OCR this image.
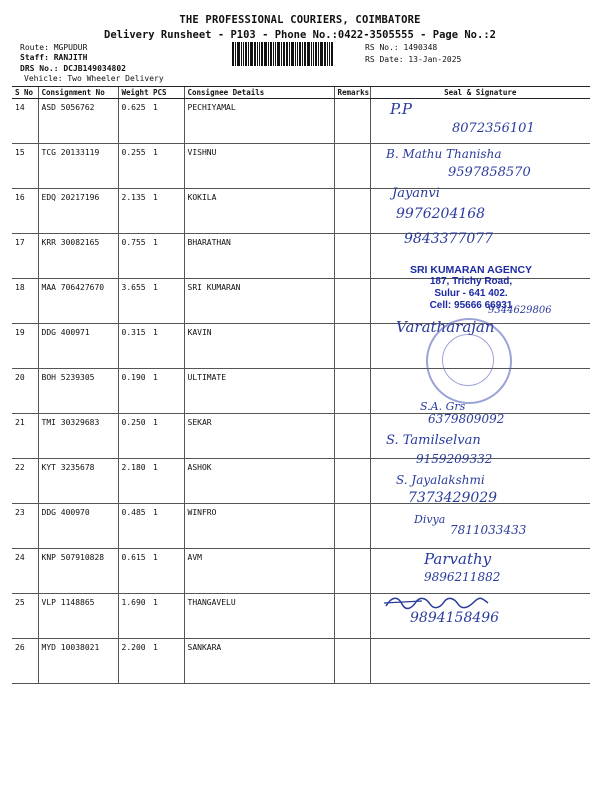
THE PROFESSIONAL COURIERS, COIMBATORE
Delivery Runsheet - P103 - Phone No.:0422-3505555 - Page No.:2
Route: MGPUDUR
Staff: RANJITH
DRS No.: DCJB149034802
Vehicle: Two Wheeler Delivery
RS No.: 1490348
RS Date: 13-Jan-2025
S No	Consignment No	Weight	PCS	Consignee Details	Remarks	Seal & Signature
14	ASD 5056762	0.625	1	PECHIYAMAL		
15	TCG 20133119	0.255	1	VISHNU		
16	EDQ 20217196	2.135	1	KOKILA		
17	KRR 30082165	0.755	1	BHARATHAN		
18	MAA 706427670	3.655	1	SRI KUMARAN		
19	DDG 400971	0.315	1	KAVIN		
20	BOH 5239305	0.190	1	ULTIMATE		
21	TMI 30329683	0.250	1	SEKAR		
22	KYT 3235678	2.180	1	ASHOK		
23	DDG 400970	0.485	1	WINFRO		
24	KNP 507910828	0.615	1	AVM		
25	VLP 1148865	1.690	1	THANGAVELU		
26	MYD 10038021	2.200	1	SANKARA		
P.P
8072356101
B. Mathu Thanisha
9597858570
Jayanvi
9976204168
9843377077
SRI KUMARAN AGENCY
187, Trichy Road,
Sulur - 641 402.
Cell: 95666 66931
9344629806
Varatharajan
S.A. Grs
6379809092
S. Tamilselvan
9159209332
S. Jayalakshmi
7373429029
Divya
7811033433
Parvathy
9896211882
9894158496
